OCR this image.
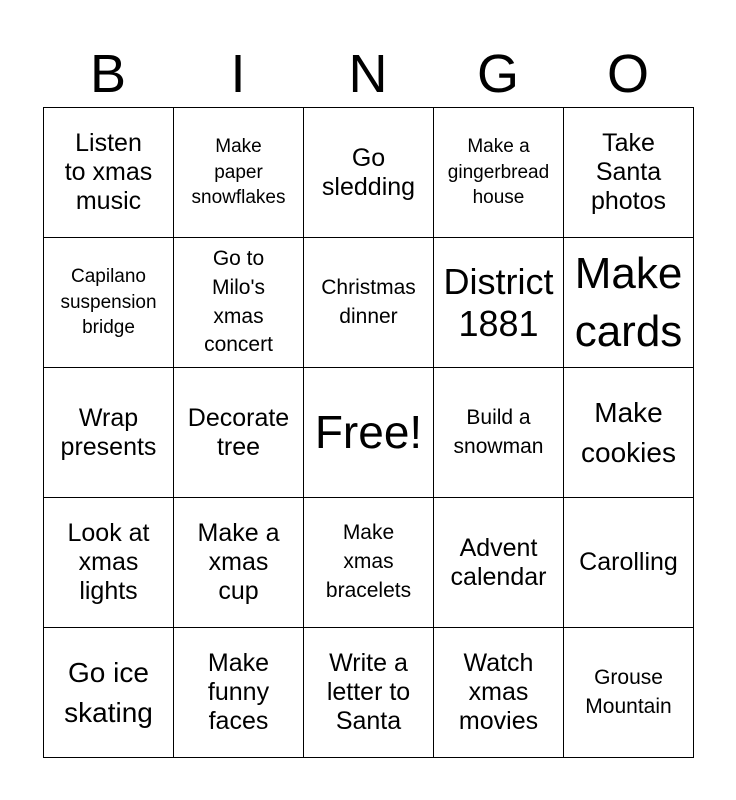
B	I	N	G	O
Listen
to xmas
music	Make
paper
snowflakes	Go
sledding	Make a
gingerbread
house	Take
Santa
photos

Capilano
suspension
bridge	Go to
Milo's
xmas
concert	Christmas
dinner	District
1881	Make
cards

Wrap
presents	Decorate
tree	Free!	Build a
snowman	Make
cookies

Look at
xmas
lights	Make a
xmas
cup	Make
xmas
bracelets	Advent
calendar	Carolling

Go ice
skating	Make
funny
faces	Write a
letter to
Santa	Watch
xmas
movies	Grouse
Mountain
